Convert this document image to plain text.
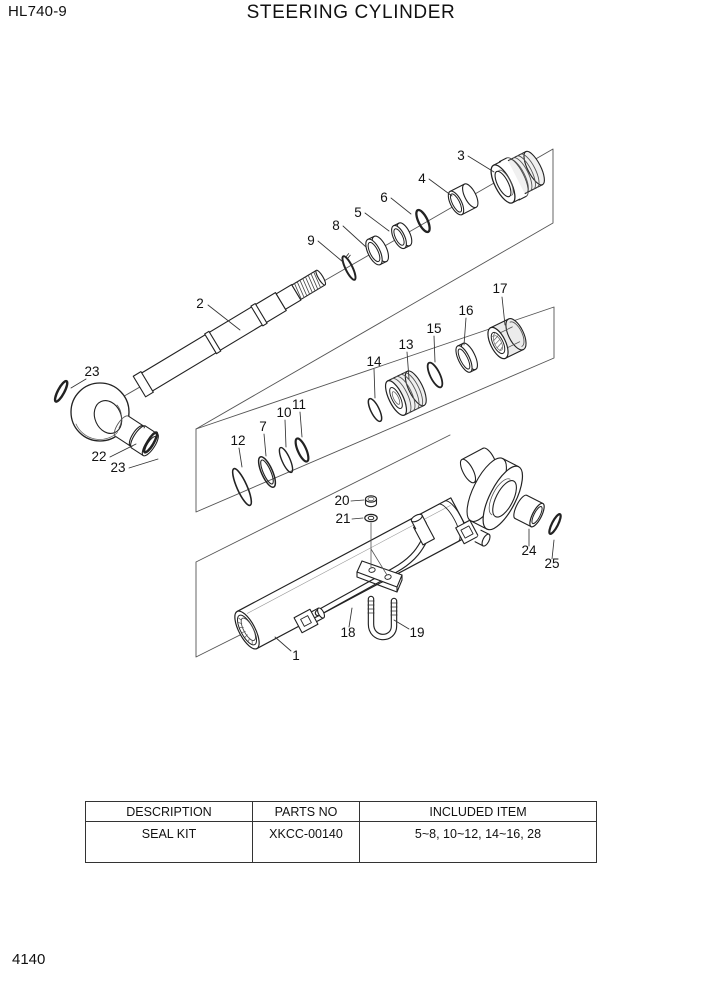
HL740-9	STEERING CYLINDER
3
4
6
5
8
9
2
23
22
23
17
16
15
13
14
11
10
7
12
20
21
24
25
18	19
1
DESCRIPTION	PARTS NO	INCLUDED ITEM
SEAL KIT	XKCC-00140	5~8, 10~12, 14~16, 28
4140
